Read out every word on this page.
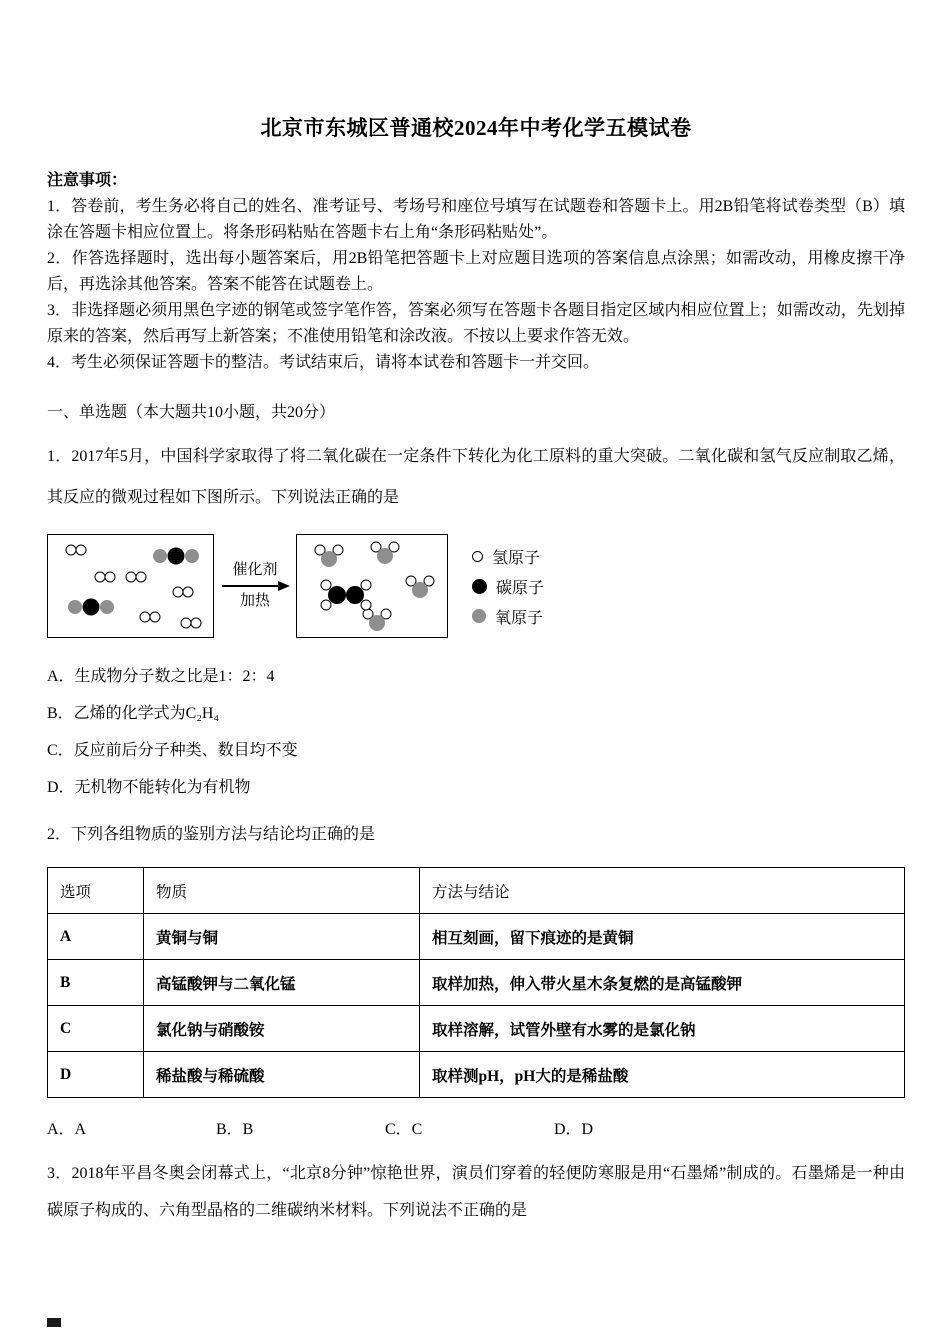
北京市东城区普通校2024年中考化学五模试卷

注意事项：

1．答卷前，考生务必将自己的姓名、准考证号、考场号和座位号填写在试题卷和答题卡上。用2B铅笔将试卷类型（B）填涂在答题卡相应位置上。将条形码粘贴在答题卡右上角“条形码粘贴处”。

2．作答选择题时，选出每小题答案后，用2B铅笔把答题卡上对应题目选项的答案信息点涂黑；如需改动，用橡皮擦干净后，再选涂其他答案。答案不能答在试题卷上。

3．非选择题必须用黑色字迹的钢笔或签字笔作答，答案必须写在答题卡各题目指定区域内相应位置上；如需改动，先划掉原来的答案，然后再写上新答案；不准使用铅笔和涂改液。不按以上要求作答无效。

4．考生必须保证答题卡的整洁。考试结束后，请将本试卷和答题卡一并交回。

一、单选题（本大题共10小题，共20分）

1．2017年5月，中国科学家取得了将二氧化碳在一定条件下转化为化工原料的重大突破。二氧化碳和氢气反应制取乙烯，其反应的微观过程如下图所示。下列说法正确的是

催化剂
加热
氢原子
碳原子
氧原子

A．生成物分子数之比是1：2：4

B．乙烯的化学式为C₂H₄

C．反应前后分子种类、数目均不变

D．无机物不能转化为有机物

2．下列各组物质的鉴别方法与结论均正确的是

选项	物质	方法与结论
A	黄铜与铜	相互刻画，留下痕迹的是黄铜
B	高锰酸钾与二氧化锰	取样加热，伸入带火星木条复燃的是高锰酸钾
C	氯化钠与硝酸铵	取样溶解，试管外壁有水雾的是氯化钠
D	稀盐酸与稀硫酸	取样测pH，pH大的是稀盐酸
A．A	B．B	C．C	D．D

3．2018年平昌冬奥会闭幕式上，“北京8分钟”惊艳世界，演员们穿着的轻便防寒服是用“石墨烯”制成的。石墨烯是一种由碳原子构成的、六角型晶格的二维碳纳米材料。下列说法不正确的是
